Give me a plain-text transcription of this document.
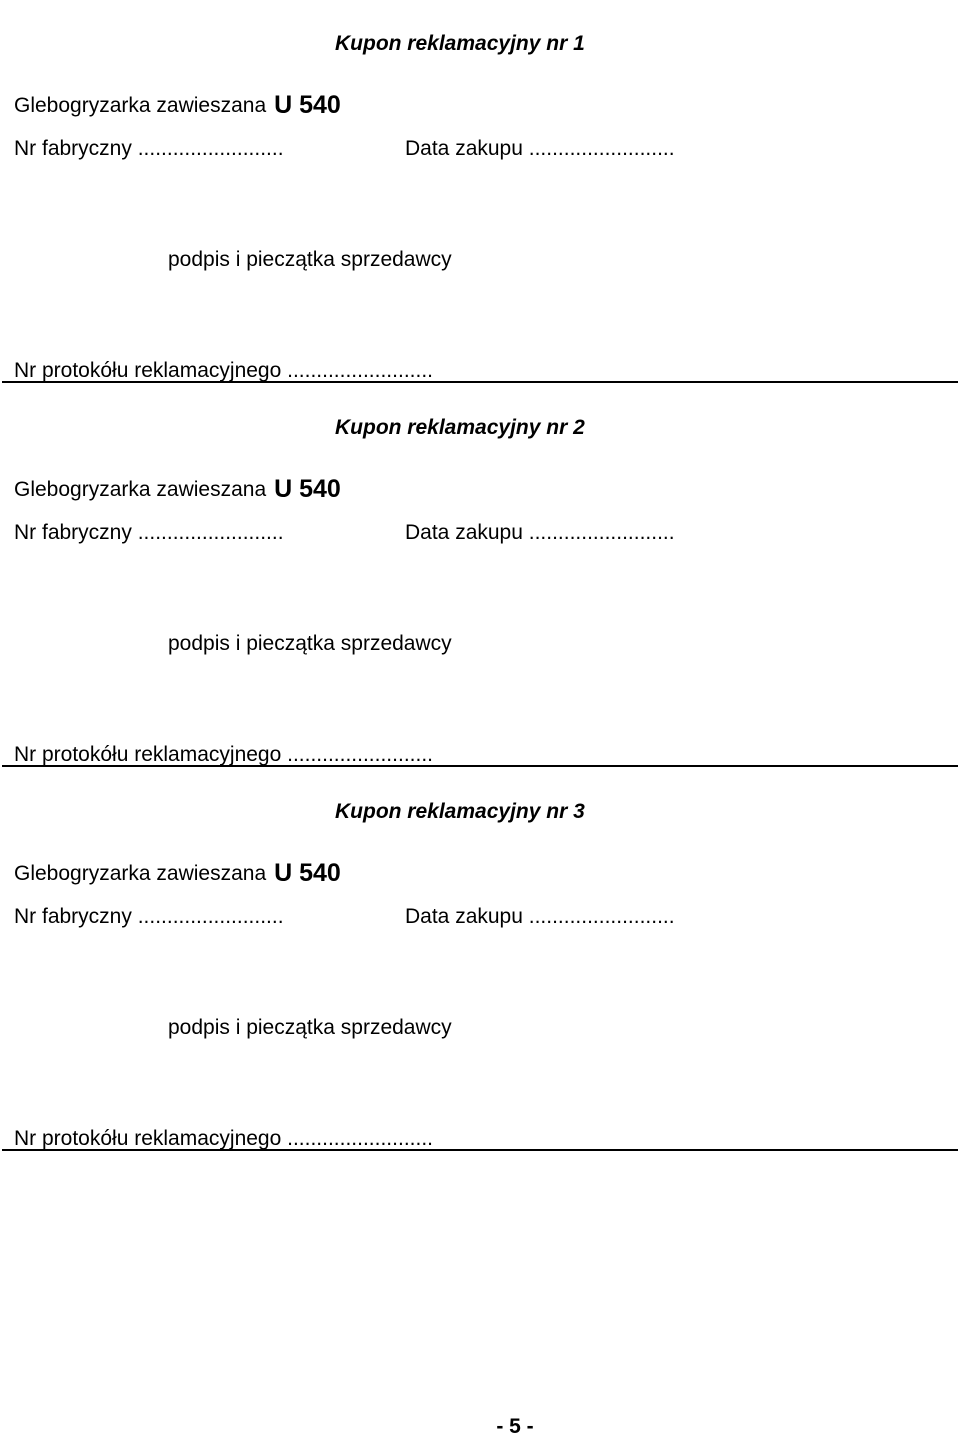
Kupon reklamacyjny nr 1
Glebogryzarka zawieszana U 540
Nr fabryczny .........................	Data zakupu .........................
podpis i pieczątka sprzedawcy
Nr protokółu reklamacyjnego .........................
Kupon reklamacyjny nr 2
Glebogryzarka zawieszana U 540
Nr fabryczny .........................	Data zakupu .........................
podpis i pieczątka sprzedawcy
Nr protokółu reklamacyjnego .........................
Kupon reklamacyjny nr 3
Glebogryzarka zawieszana U 540
Nr fabryczny .........................	Data zakupu .........................
podpis i pieczątka sprzedawcy
Nr protokółu reklamacyjnego .........................
- 5 -
